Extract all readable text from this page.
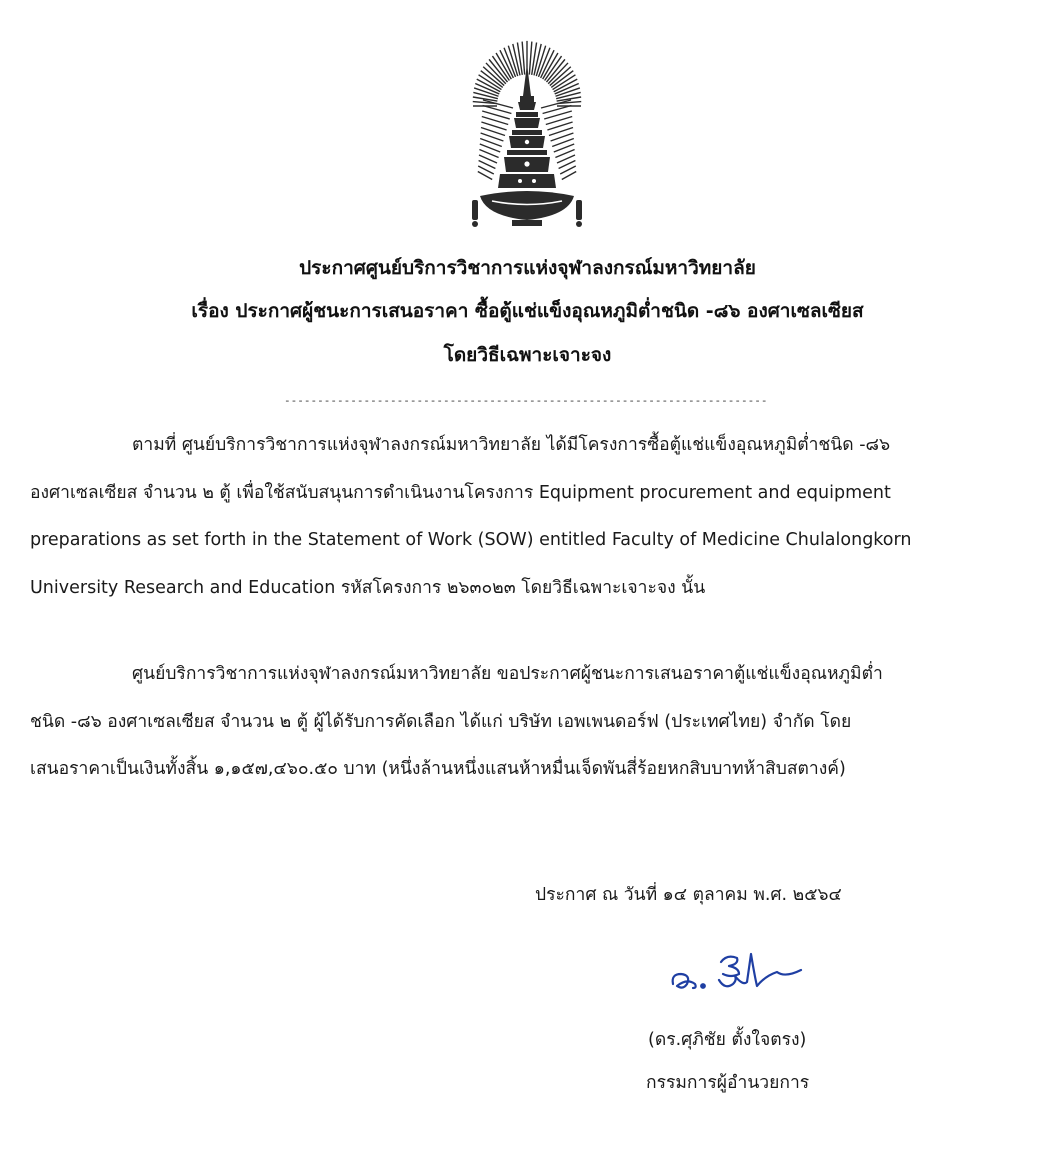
ประกาศศูนย์บริการวิชาการแห่งจุฬาลงกรณ์มหาวิทยาลัย
เรื่อง ประกาศผู้ชนะการเสนอราคา ซื้อตู้แช่แข็งอุณหภูมิต่ำชนิด -๘๖ องศาเซลเซียส
โดยวิธีเฉพาะเจาะจง
-------------------------------------------------------------------------
ตามที่ ศูนย์บริการวิชาการแห่งจุฬาลงกรณ์มหาวิทยาลัย ได้มีโครงการซื้อตู้แช่แข็งอุณหภูมิต่ำชนิด -๘๖
องศาเซลเซียส จำนวน ๒ ตู้ เพื่อใช้สนับสนุนการดำเนินงานโครงการ Equipment procurement and equipment
preparations as set forth in the Statement of Work (SOW) entitled Faculty of Medicine Chulalongkorn
University Research and Education รหัสโครงการ ๒๖๓๐๒๓ โดยวิธีเฉพาะเจาะจง นั้น
ศูนย์บริการวิชาการแห่งจุฬาลงกรณ์มหาวิทยาลัย ขอประกาศผู้ชนะการเสนอราคาตู้แช่แข็งอุณหภูมิต่ำ
ชนิด -๘๖ องศาเซลเซียส จำนวน ๒ ตู้ ผู้ได้รับการคัดเลือก ได้แก่ บริษัท เอพเพนดอร์ฟ (ประเทศไทย) จำกัด โดย
เสนอราคาเป็นเงินทั้งสิ้น ๑,๑๕๗,๔๖๐.๕๐ บาท (หนึ่งล้านหนึ่งแสนห้าหมื่นเจ็ดพันสี่ร้อยหกสิบบาทห้าสิบสตางค์)
ประกาศ ณ วันที่ ๑๔ ตุลาคม พ.ศ. ๒๕๖๔
(ดร.ศุภิชัย ตั้งใจตรง)
กรรมการผู้อำนวยการ
